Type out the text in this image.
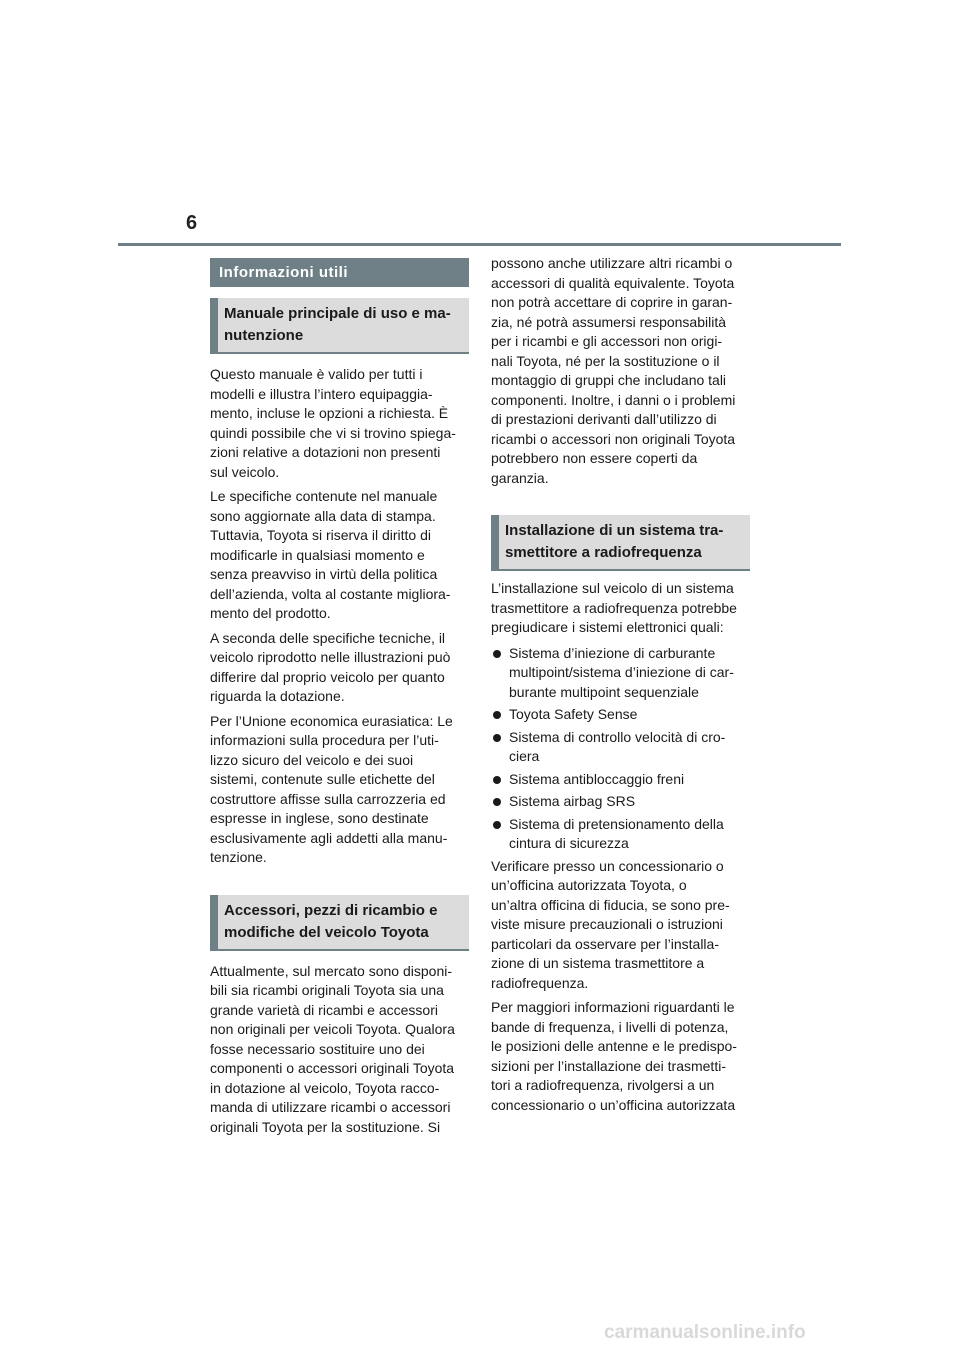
6
Informazioni utili
Manuale principale di uso e ma-
nutenzione

Questo manuale è valido per tutti i
modelli e illustra l’intero equipaggia-
mento, incluse le opzioni a richiesta. È
quindi possibile che vi si trovino spiega-
zioni relative a dotazioni non presenti
sul veicolo.

Le specifiche contenute nel manuale
sono aggiornate alla data di stampa.
Tuttavia, Toyota si riserva il diritto di
modificarle in qualsiasi momento e
senza preavviso in virtù della politica
dell’azienda, volta al costante migliora-
mento del prodotto.

A seconda delle specifiche tecniche, il
veicolo riprodotto nelle illustrazioni può
differire dal proprio veicolo per quanto
riguarda la dotazione.

Per l’Unione economica eurasiatica: Le
informazioni sulla procedura per l’uti-
lizzo sicuro del veicolo e dei suoi
sistemi, contenute sulle etichette del
costruttore affisse sulla carrozzeria ed
espresse in inglese, sono destinate
esclusivamente agli addetti alla manu-
tenzione.

Accessori, pezzi di ricambio e
modifiche del veicolo Toyota

Attualmente, sul mercato sono disponi-
bili sia ricambi originali Toyota sia una
grande varietà di ricambi e accessori
non originali per veicoli Toyota. Qualora
fosse necessario sostituire uno dei
componenti o accessori originali Toyota
in dotazione al veicolo, Toyota racco-
manda di utilizzare ricambi o accessori
originali Toyota per la sostituzione. Si

possono anche utilizzare altri ricambi o
accessori di qualità equivalente. Toyota
non potrà accettare di coprire in garan-
zia, né potrà assumersi responsabilità
per i ricambi e gli accessori non origi-
nali Toyota, né per la sostituzione o il
montaggio di gruppi che includano tali
componenti. Inoltre, i danni o i problemi
di prestazioni derivanti dall’utilizzo di
ricambi o accessori non originali Toyota
potrebbero non essere coperti da
garanzia.

Installazione di un sistema tra-
smettitore a radiofrequenza

L’installazione sul veicolo di un sistema
trasmettitore a radiofrequenza potrebbe
pregiudicare i sistemi elettronici quali:

Sistema d’iniezione di carburante
multipoint/sistema d’iniezione di car-
burante multipoint sequenziale
Toyota Safety Sense
Sistema di controllo velocità di cro-
ciera
Sistema antibloccaggio freni
Sistema airbag SRS
Sistema di pretensionamento della
cintura di sicurezza

Verificare presso un concessionario o
un’officina autorizzata Toyota, o
un’altra officina di fiducia, se sono pre-
viste misure precauzionali o istruzioni
particolari da osservare per l’installa-
zione di un sistema trasmettitore a
radiofrequenza.

Per maggiori informazioni riguardanti le
bande di frequenza, i livelli di potenza,
le posizioni delle antenne e le predispo-
sizioni per l’installazione dei trasmetti-
tori a radiofrequenza, rivolgersi a un
concessionario o un’officina autorizzata

carmanualsonline.info
